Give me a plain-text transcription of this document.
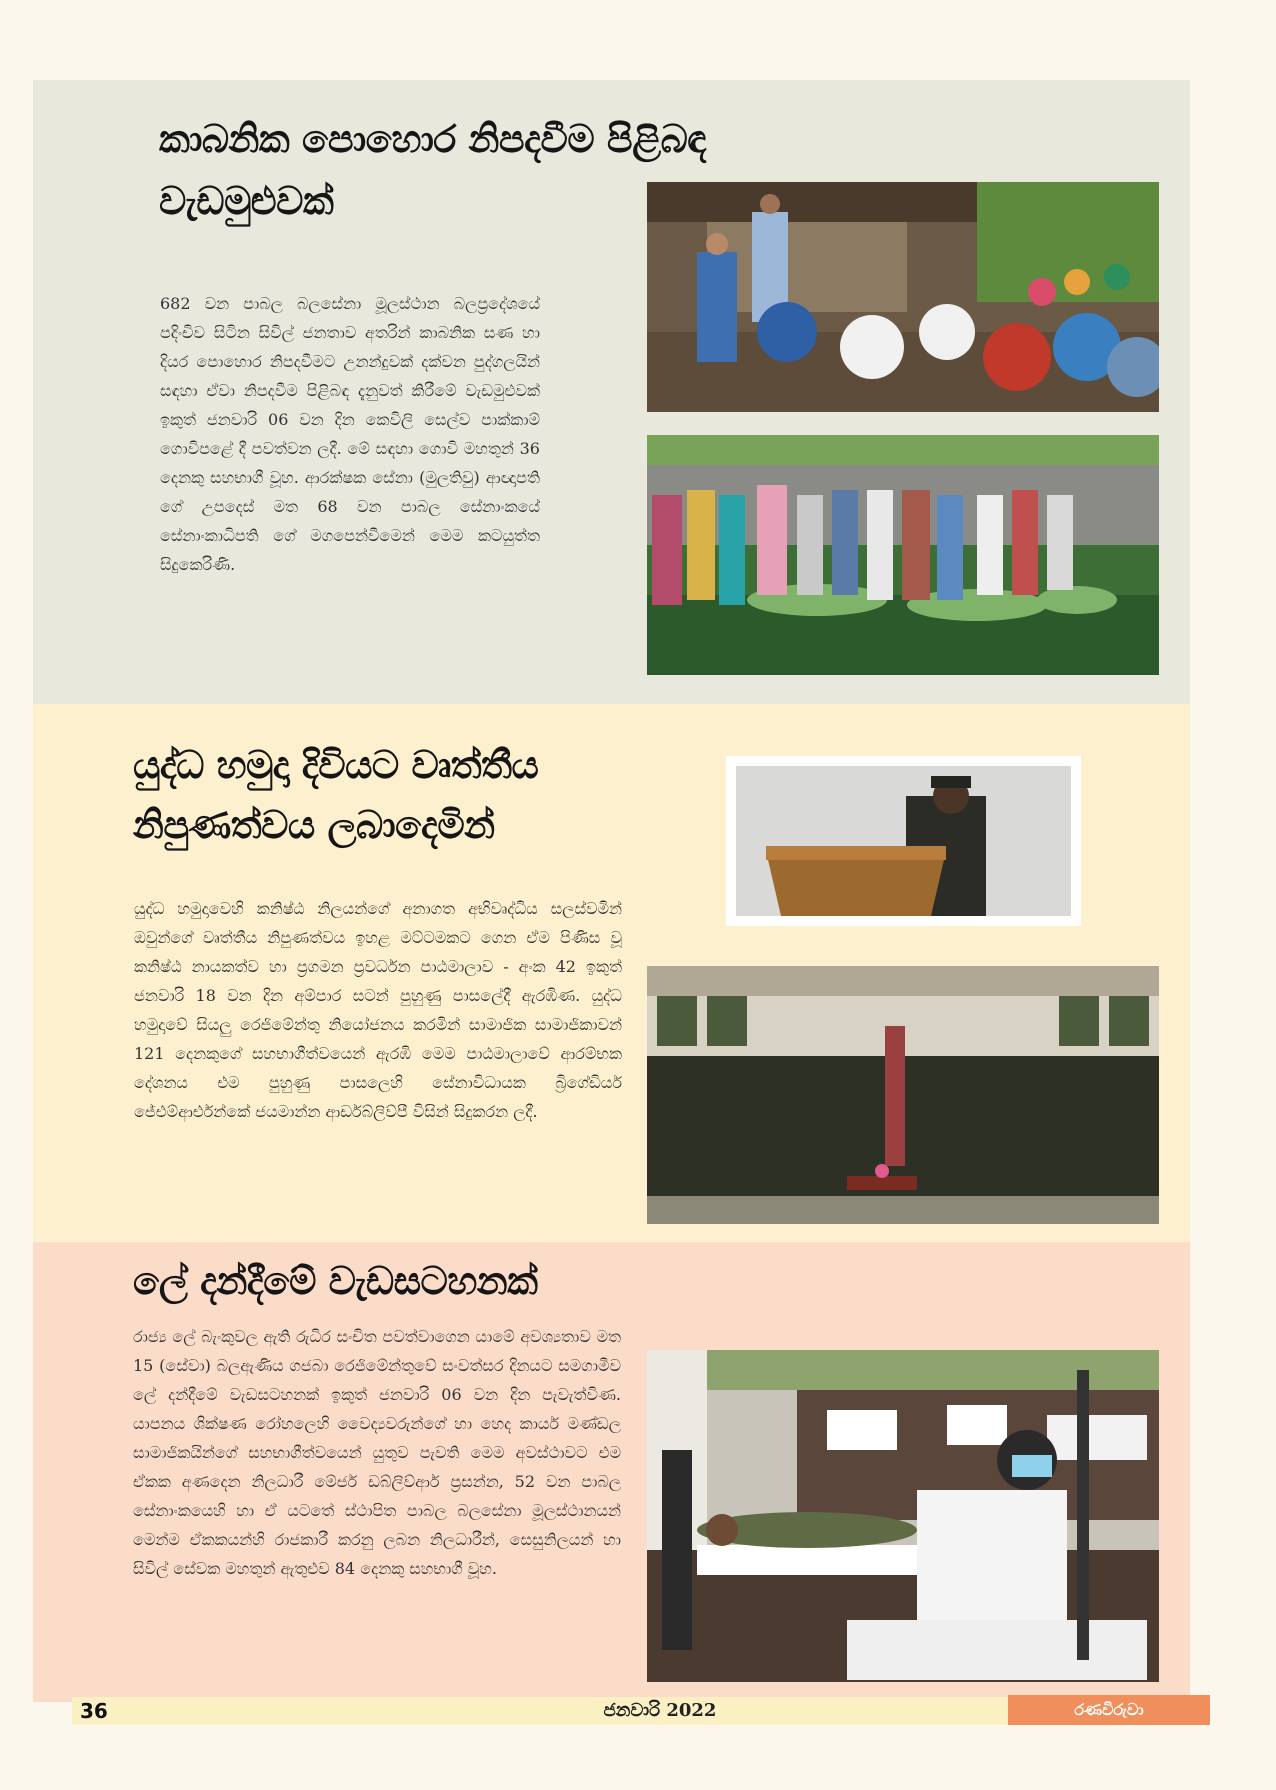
කාබනික පොහොර නිපදවීම පිළිබඳ වැඩමුළුවක්

682 වන පාබල බලසේනා මූලස්ථාන බලප්‍රදේශයේ පදිංචිව සිටින සිවිල් ජනතාව අතරින් කාබනික සණ හා දියර පොහොර නිපදවීමට උනන්දුවක් දක්වන පුද්ගලයින් සඳහා ඒවා නිපදවීම පිළිබඳ දැනුවත් කිරීමේ වැඩමුළුවක් ඉකුත් ජනවාරි 06 වන දින කෙවිලි සෙල්ව පාක්කාම් ගොවිපළේ දී පවත්වන ලදී. මේ සඳහා ගොවි මහතුන් 36 දෙනකු සහභාගී වූහ. ආරක්ෂක සේනා (මුලතිවු) ආඥාපති ගේ උපදෙස් මත 68 වන පාබල සේනාංකයේ සේනාංකාධිපති ගේ මගපෙන්වීමෙන් මෙම කටයුත්ත සිදුකෙරිණි.

යුද්ධ හමුදා දිවියට වෘත්තීය
නිපුණත්වය ලබාදෙමින්

යුද්ධ හමුදාවෙහි කනිෂ්ඨ නිලයන්ගේ අනාගත අභිවෘද්ධිය සලස්වමින් ඔවුන්ගේ වෘත්තීය නිපුණත්වය ඉහළ මට්ටමකට ගෙන ඒම පිණිස වූ කනිෂ්ඨ නායකත්ව හා ප්‍රගමන ප්‍රවර්ධන පාඨමාලාව - අංක 42 ඉකුත් ජනවාරි 18 වන දින අම්පාර සටන් පුහුණු පාසලේදී ඇරඹිණ. යුද්ධ හමුදාවේ සියලු රෙජිමේන්තු නියෝජනය කරමින් සාමාජික සාමාජිකාවන් 121 දෙනකුගේ සහභාගීත්වයෙන් ඇරඹි මෙම පාඨමාලාවේ ආරම්භක දේශනය එම පුහුණු පාසලෙහි සේනාවිධායක බ්‍රිගේඩියර් ජේඑම්ආර්එන්කේ ජයමාන්න ආර්ඩබ්ලිව්පී විසින් සිදුකරන ලදී.

ලේ දන්දීමේ වැඩසටහනක්

රාජ්‍ය ලේ බැංකුවල ඇති රුධිර සංචිත පවත්වාගෙන යාමේ අවශ්‍යතාව මත 15 (සේවා) බලඇණිය ගජබා රෙජිමේන්තුවේ සංවත්සර දිනයට සමගාමීව ලේ දන්දීමේ වැඩසටහනක් ඉකුත් ජනවාරි 06 වන දින පැවැත්විණ. යාපනය ශික්ෂණ රෝහලෙහි වෛද්‍යවරුන්ගේ හා හෙද කාර්ය මණ්ඩල සාමාජිකයින්ගේ සහභාගීත්වයෙන් යුතුව පැවති මෙම අවස්ථාවට එම ඒකක අණදෙන නිලධාරී මේජර් ඩබ්ලිව්ආර් ප්‍රසන්න, 52 වන පාබල සේනාංකයෙහි හා ඒ යටතේ ස්ථාපිත පාබල බලසේනා මූලස්ථානයන් මෙන්ම ඒකකයන්හි රාජකාරී කරනු ලබන නිලධාරීන්, සෙසුනිලයන් හා සිවිල් සේවක මහතුන් ඇතුළුව 84 දෙනකු සහභාගී වූහ.

36	ජනවාරි 2022	රණවිරුවා
